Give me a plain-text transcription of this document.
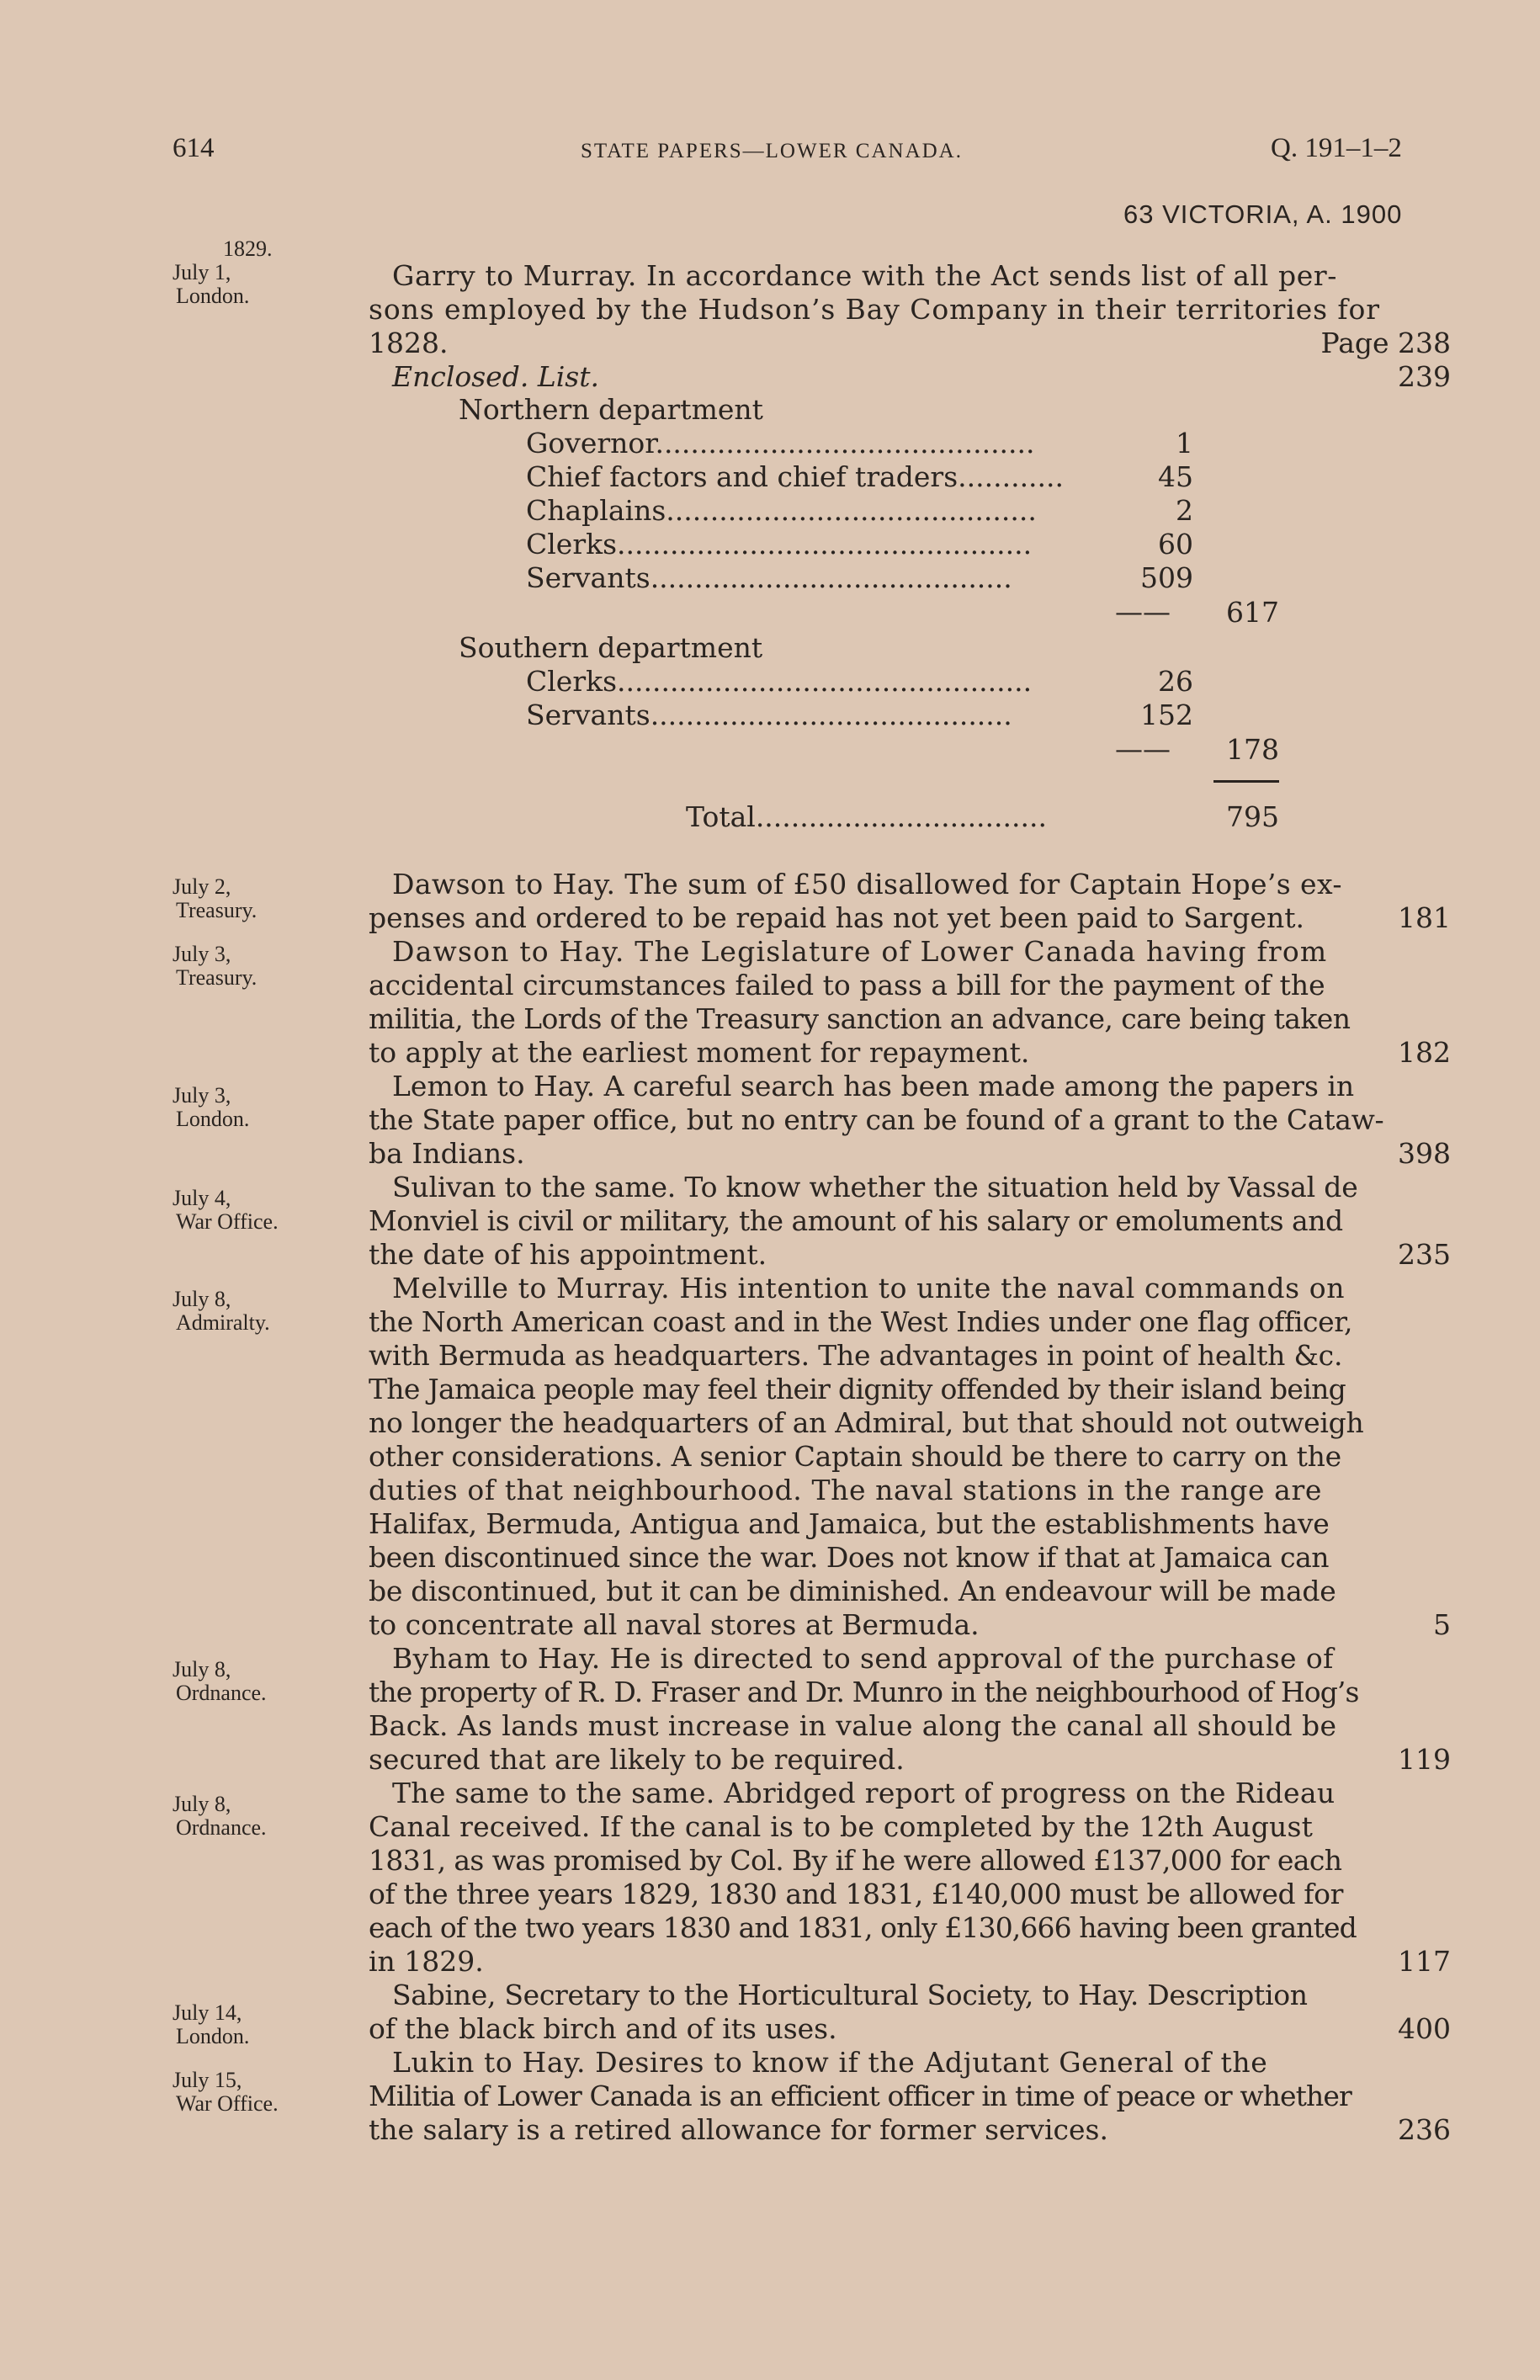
614	STATE PAPERS—LOWER CANADA.	Q. 191–1–2
63 VICTORIA, A. 1900
1829.
July 1,
London.
Garry to Murray. In accordance with the Act sends list of all per-
sons employed by the Hudson’s Bay Company in their territories for
1828.	Page 238
Enclosed. List.	239
Northern department
Governor...........................................	1
Chief factors and chief traders............	45
Chaplains..........................................	2
Clerks...............................................	60
Servants.........................................	509
——	617
Southern department
Clerks...............................................	26
Servants.........................................	152
——	178
Total.................................	795
July 2,
Treasury.
Dawson to Hay. The sum of £50 disallowed for Captain Hope’s ex-
penses and ordered to be repaid has not yet been paid to Sargent.	181
July 3,
Treasury.
Dawson to Hay. The Legislature of Lower Canada having from
accidental circumstances failed to pass a bill for the payment of the
militia, the Lords of the Treasury sanction an advance, care being taken
to apply at the earliest moment for repayment.	182
July 3,
London.
Lemon to Hay. A careful search has been made among the papers in
the State paper office, but no entry can be found of a grant to the Cataw-
ba Indians.	398
July 4,
War Office.
Sulivan to the same. To know whether the situation held by Vassal de
Monviel is civil or military, the amount of his salary or emoluments and
the date of his appointment.	235
July 8,
Admiralty.
Melville to Murray. His intention to unite the naval commands on
the North American coast and in the West Indies under one flag officer,
with Bermuda as headquarters. The advantages in point of health &c.
The Jamaica people may feel their dignity offended by their island being
no longer the headquarters of an Admiral, but that should not outweigh
other considerations. A senior Captain should be there to carry on the
duties of that neighbourhood. The naval stations in the range are
Halifax, Bermuda, Antigua and Jamaica, but the establishments have
been discontinued since the war. Does not know if that at Jamaica can
be discontinued, but it can be diminished. An endeavour will be made
to concentrate all naval stores at Bermuda.	5
July 8,
Ordnance.
Byham to Hay. He is directed to send approval of the purchase of
the property of R. D. Fraser and Dr. Munro in the neighbourhood of Hog’s
Back. As lands must increase in value along the canal all should be
secured that are likely to be required.	119
July 8,
Ordnance.
The same to the same. Abridged report of progress on the Rideau
Canal received. If the canal is to be completed by the 12th August
1831, as was promised by Col. By if he were allowed £137,000 for each
of the three years 1829, 1830 and 1831, £140,000 must be allowed for
each of the two years 1830 and 1831, only £130,666 having been granted
in 1829.	117
July 14,
London.
Sabine, Secretary to the Horticultural Society, to Hay. Description
of the black birch and of its uses.	400
July 15,
War Office.
Lukin to Hay. Desires to know if the Adjutant General of the
Militia of Lower Canada is an efficient officer in time of peace or whether
the salary is a retired allowance for former services.	236
